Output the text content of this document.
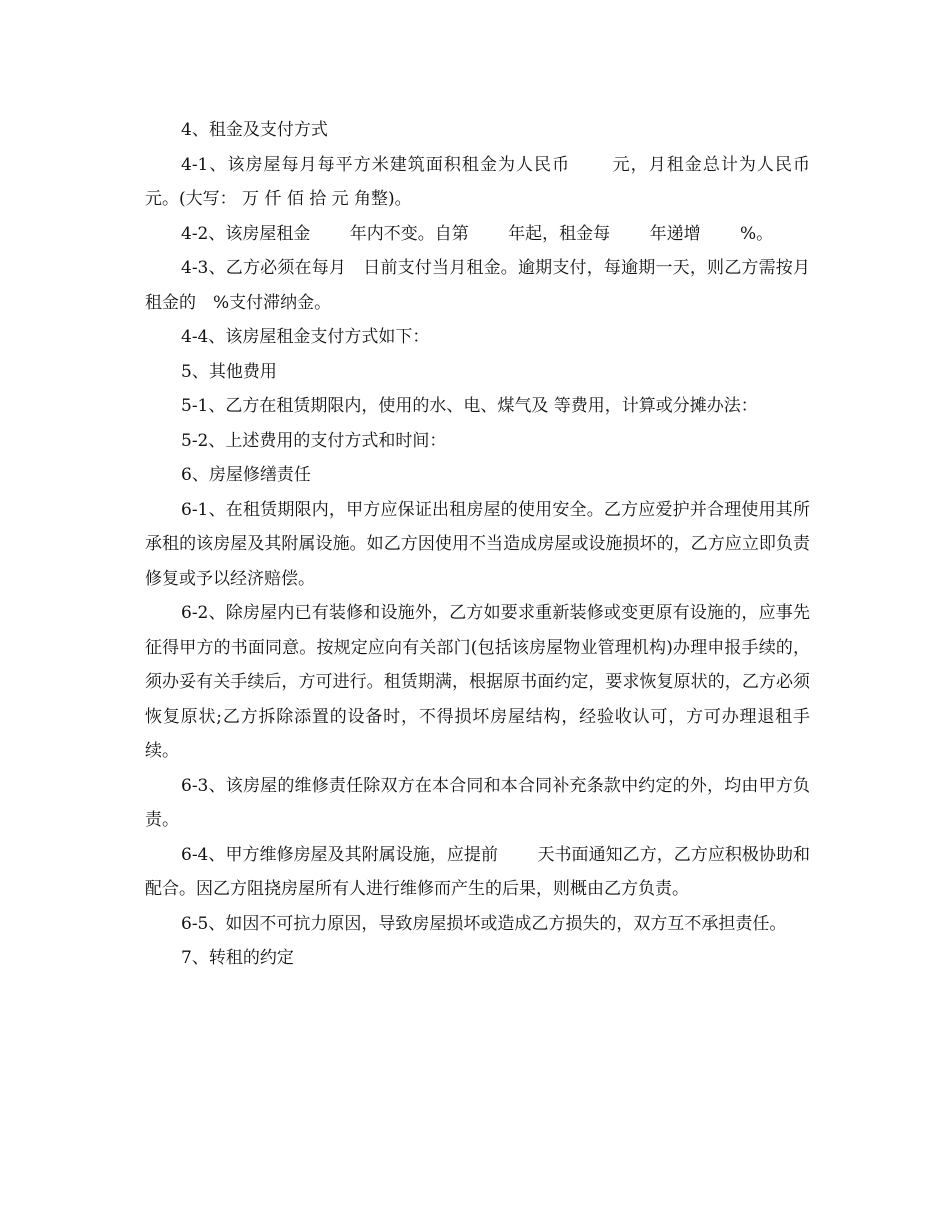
4、租金及支付方式

4-1、该房屋每月每平方米建筑面积租金为人民币　　 元，月租金总计为人民币　 元。(大写： 万 仟 佰 拾 元 角整)。

4-2、该房屋租金　　 年内不变。自第　　 年起，租金每　　 年递增　　 %。

4-3、乙方必须在每月　日前支付当月租金。逾期支付，每逾期一天，则乙方需按月租金的　%支付滞纳金。

4-4、该房屋租金支付方式如下：

5、其他费用

5-1、乙方在租赁期限内，使用的水、电、煤气及 等费用，计算或分摊办法：

5-2、上述费用的支付方式和时间：

6、房屋修缮责任

6-1、在租赁期限内，甲方应保证出租房屋的使用安全。乙方应爱护并合理使用其所承租的该房屋及其附属设施。如乙方因使用不当造成房屋或设施损坏的，乙方应立即负责修复或予以经济赔偿。

6-2、除房屋内已有装修和设施外，乙方如要求重新装修或变更原有设施的，应事先征得甲方的书面同意。按规定应向有关部门(包括该房屋物业管理机构)办理申报手续的，须办妥有关手续后，方可进行。租赁期满，根据原书面约定，要求恢复原状的，乙方必须恢复原状;乙方拆除添置的设备时，不得损坏房屋结构，经验收认可，方可办理退租手续。

6-3、该房屋的维修责任除双方在本合同和本合同补充条款中约定的外，均由甲方负责。

6-4、甲方维修房屋及其附属设施，应提前　　 天书面通知乙方，乙方应积极协助和配合。因乙方阻挠房屋所有人进行维修而产生的后果，则概由乙方负责。

6-5、如因不可抗力原因，导致房屋损坏或造成乙方损失的，双方互不承担责任。

7、转租的约定
